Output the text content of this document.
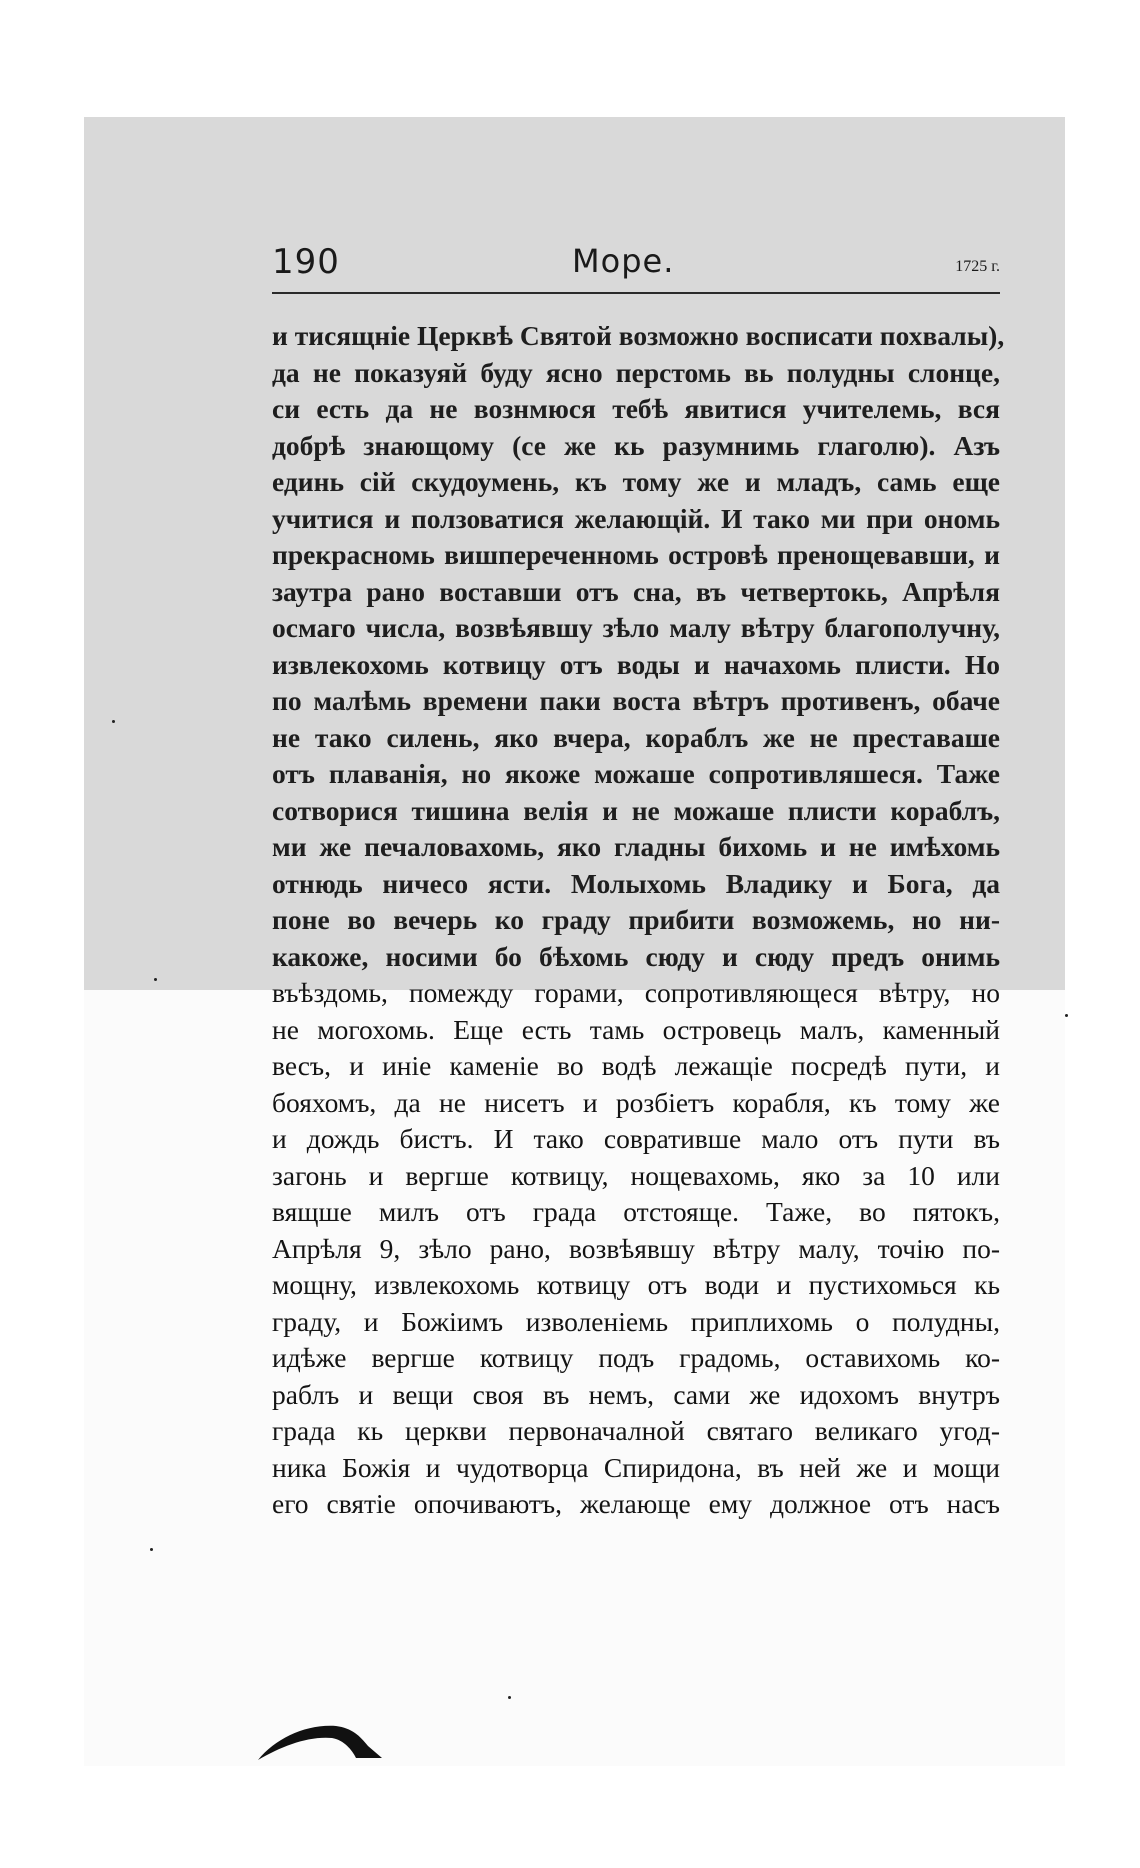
190	Море.	1725 г.
и тисящніе Церквѣ Святой возможно восписати похвалы),
да не показуяй буду ясно перстомь вь полудны слонце,
си есть да не вознмюся тебѣ явитися учителемь, вся
добрѣ знающому (се же кь разумнимь глаголю). Азъ
единь сій скудоумень, къ тому же и младъ, самь еще
учитися и ползоватися желающій. И тако ми при ономь
прекрасномь вишпереченномь островѣ пренощевавши, и
заутра рано воставши отъ сна, въ четвертокь, Апрѣля
осмаго числа, возвѣявшу зѣло малу вѣтру благополучну,
извлекохомь котвицу отъ воды и начахомь плисти. Но
по малѣмь времени паки воста вѣтръ противенъ, обаче
не тако силень, яко вчера, кораблъ же не преставаше
отъ плаванія, но якоже можаше сопротивляшеся. Таже
сотворися тишина велія и не можаше плисти кораблъ,
ми же печаловахомь, яко гладны бихомь и не имѣхомь
отнюдь ничесо ясти. Молыхомь Владику и Бога, да
поне во вечерь ко граду прибити возможемь, но ни-
какоже, носими бо бѣхомь сюду и сюду предъ онимь
въѣздомь, помежду горами, сопротивляющеся вѣтру, но
не могохомь. Еще есть тамь островець малъ, каменный
весъ, и иніе каменіе во водѣ лежащіе посредѣ пути, и
бояхомъ, да не нисетъ и розбіетъ корабля, къ тому же
и дождь бистъ. И тако совратившe мало отъ пути въ
загонь и вергше котвицу, нощевахомь, яко за 10 или
вящше милъ отъ града отстояще. Таже, во пятокъ,
Апрѣля 9, зѣло рано, возвѣявшу вѣтру малу, точію по-
мощну, извлекохомь котвицу отъ води и пустихомься кь
граду, и Божіимъ изволеніемь приплихомь о полудны,
идѣже вергше котвицу подъ градомь, оставихомь ко-
раблъ и вещи своя въ немъ, сами же идохомъ внутръ
града кь церкви первоначалной святаго великаго угод-
ника Божія и чудотворца Спиридона, въ ней же и мощи
его святіе опочиваютъ, желающе ему должное отъ насъ
